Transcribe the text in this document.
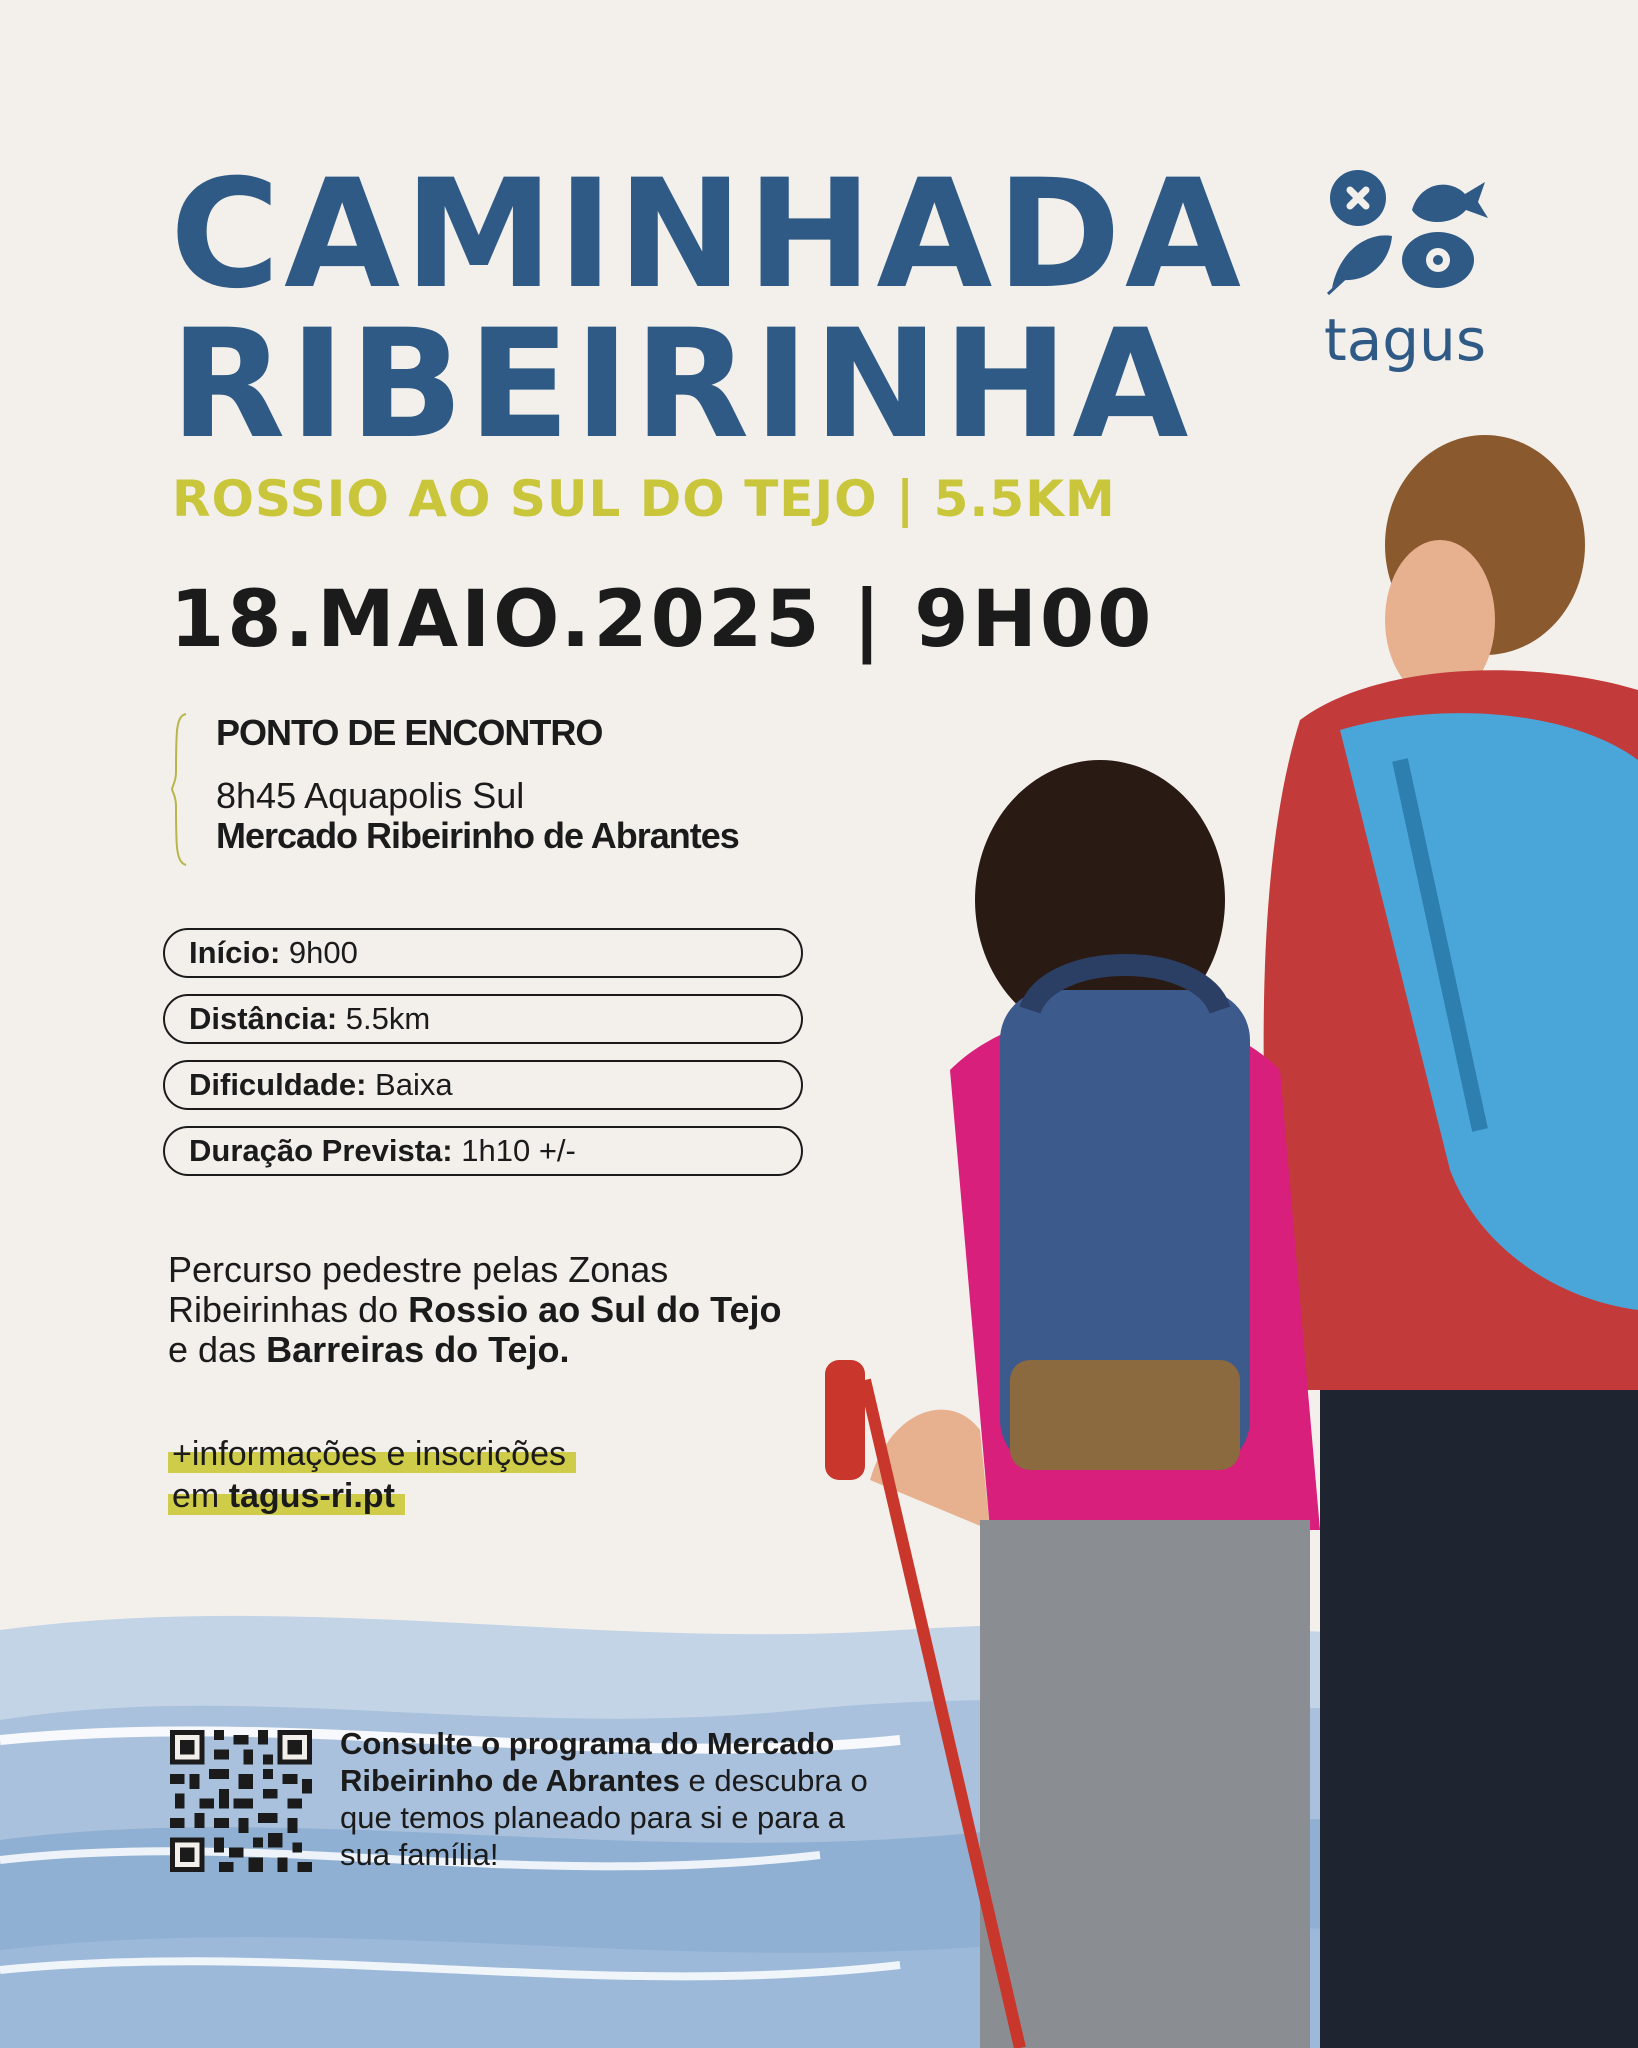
CAMINHADA
RIBEIRINHA
ROSSIO AO SUL DO TEJO | 5.5KM
18.MAIO.2025 | 9H00
PONTO DE ENCONTRO
8h45 Aquapolis Sul
Mercado Ribeirinho de Abrantes
Início: 9h00
Distância: 5.5km
Dificuldade: Baixa
Duração Prevista: 1h10 +/-
Percurso pedestre pelas Zonas Ribeirinhas do Rossio ao Sul do Tejo e das Barreiras do Tejo.
+informações e inscrições
em tagus-ri.pt
Consulte o programa do Mercado Ribeirinho de Abrantes e descubra o que temos planeado para si e para a sua família!
tagus
